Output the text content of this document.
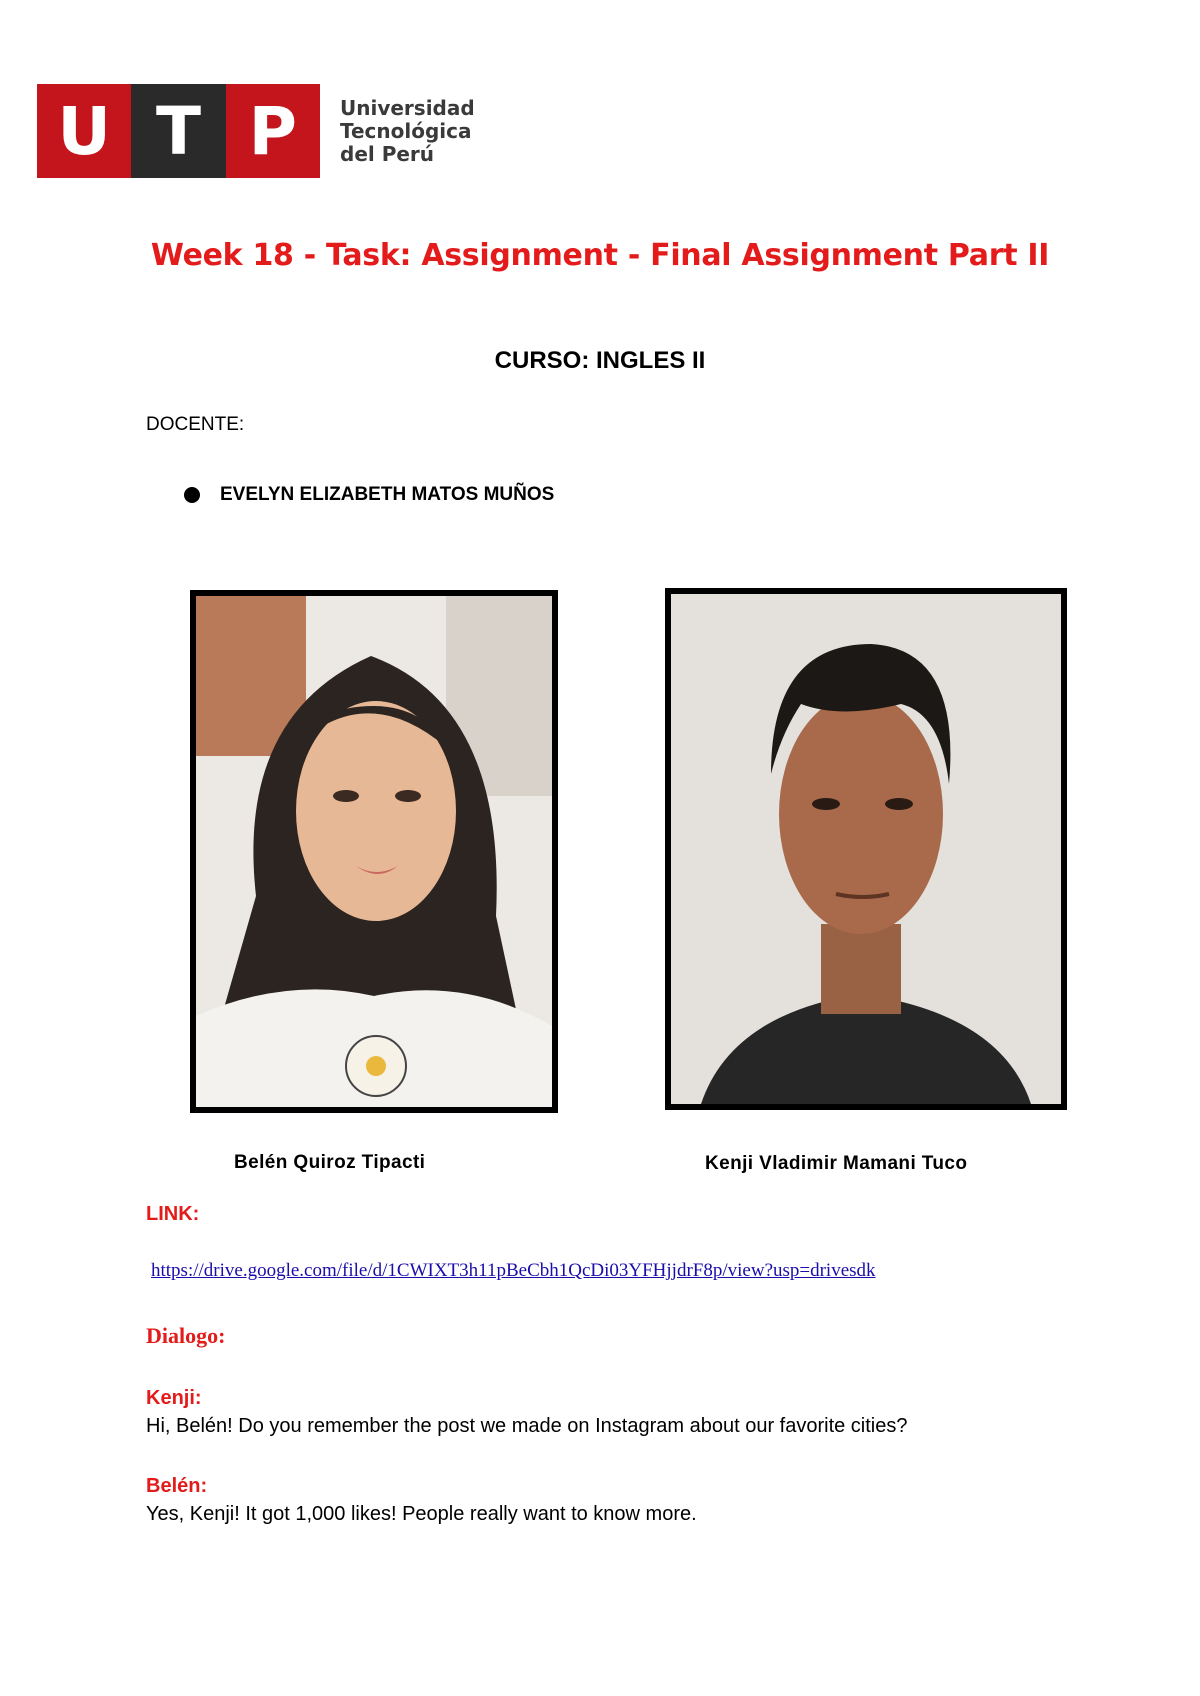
U T P	Universidad
Tecnológica
del Perú
Week 18 - Task: Assignment - Final Assignment Part II
CURSO: INGLES II
DOCENTE:
EVELYN ELIZABETH MATOS MUÑOS
Belén Quiroz Tipacti	Kenji Vladimir Mamani Tuco
LINK:
https://drive.google.com/file/d/1CWIXT3h11pBeCbh1QcDi03YFHjjdrF8p/view?usp=drivesdk
Dialogo:
Kenji:
Hi, Belén! Do you remember the post we made on Instagram about our favorite cities?
Belén:
Yes, Kenji! It got 1,000 likes! People really want to know more.
